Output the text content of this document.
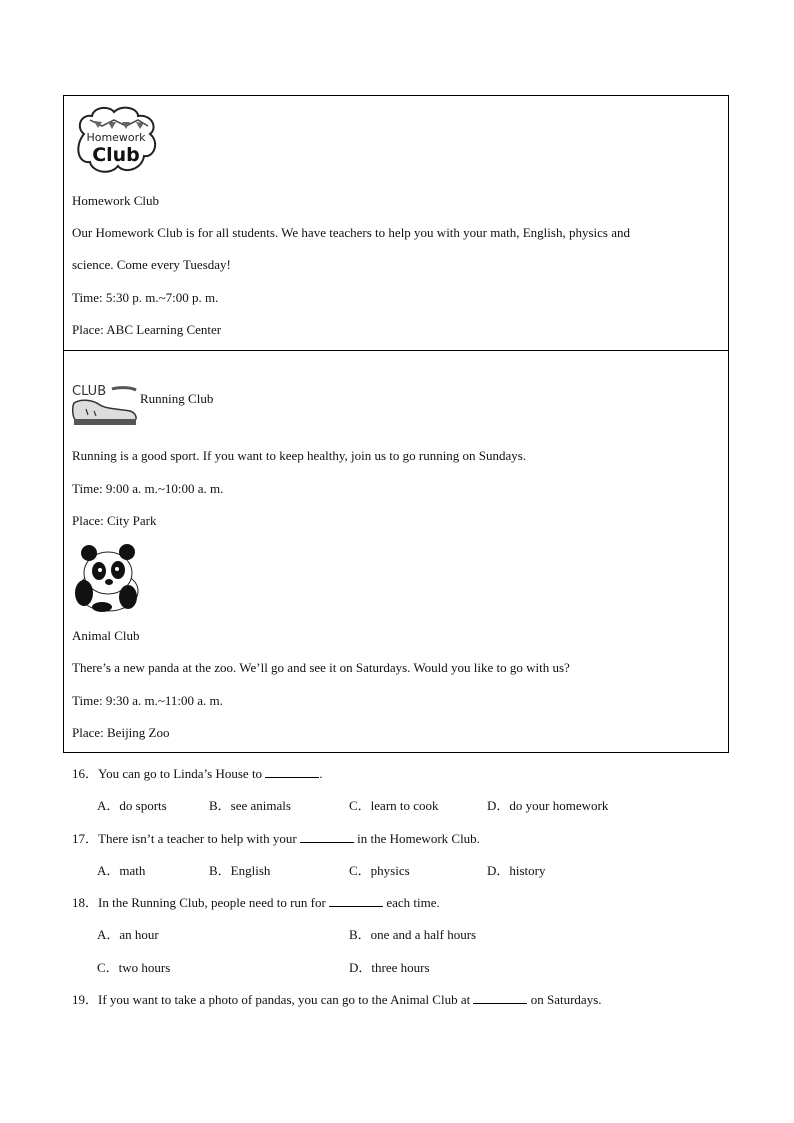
Homework
Club
Homework Club
Our Homework Club is for all students. We have teachers to help you with your math, English, physics and
science. Come every Tuesday!
Time: 5:30 p. m.~7:00 p. m.
Place: ABC Learning Center
CLUB	Running Club
Running is a good sport. If you want to keep healthy, join us to go running on Sundays.
Time: 9:00 a. m.~10:00 a. m.
Place: City Park
Animal Club
There’s a new panda at the zoo. We’ll go and see it on Saturdays. Would you like to go with us?
Time: 9:30 a. m.~11:00 a. m.
Place: Beijing Zoo
16．You can go to Linda’s House to	.
A．do sports	B．see animals	C．learn to cook	D．do your homework
17．There isn’t a teacher to help with your	in the Homework Club.
A．math	B．English	C．physics	D．history
18．In the Running Club, people need to run for	each time.
A．an hour	B．one and a half hours
C．two hours	D．three hours
19．If you want to take a photo of pandas, you can go to the Animal Club at	on Saturdays.
